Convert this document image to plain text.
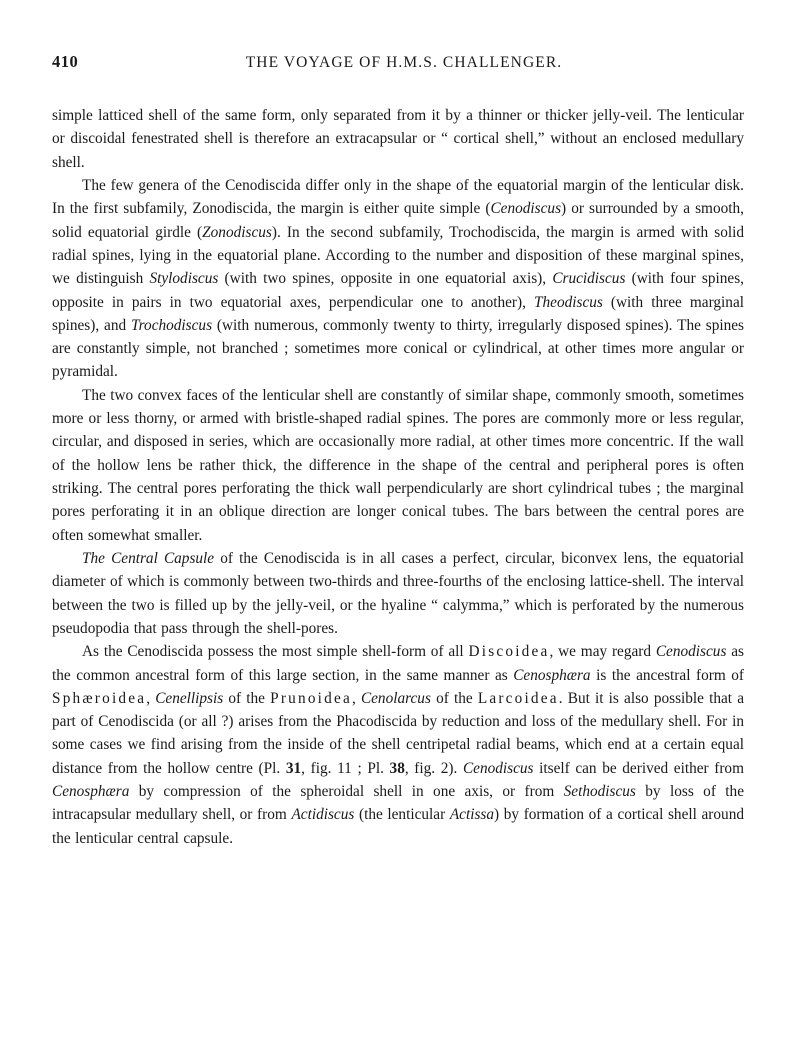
410	THE VOYAGE OF H.M.S. CHALLENGER.

simple latticed shell of the same form, only separated from it by a thinner or thicker jelly-veil. The lenticular or discoidal fenestrated shell is therefore an extracapsular or “ cortical shell,” without an enclosed medullary shell.

The few genera of the Cenodiscida differ only in the shape of the equatorial margin of the lenticular disk. In the first subfamily, Zonodiscida, the margin is either quite simple (Cenodiscus) or surrounded by a smooth, solid equatorial girdle (Zonodiscus). In the second subfamily, Trochodiscida, the margin is armed with solid radial spines, lying in the equatorial plane. According to the number and disposition of these marginal spines, we distinguish Stylodiscus (with two spines, opposite in one equatorial axis), Crucidiscus (with four spines, opposite in pairs in two equatorial axes, perpendicular one to another), Theodiscus (with three marginal spines), and Trochodiscus (with numerous, commonly twenty to thirty, irregularly disposed spines). The spines are constantly simple, not branched ; sometimes more conical or cylindrical, at other times more angular or pyramidal.

The two convex faces of the lenticular shell are constantly of similar shape, commonly smooth, sometimes more or less thorny, or armed with bristle-shaped radial spines. The pores are commonly more or less regular, circular, and disposed in series, which are occasionally more radial, at other times more concentric. If the wall of the hollow lens be rather thick, the difference in the shape of the central and peripheral pores is often striking. The central pores perforating the thick wall perpendicularly are short cylindrical tubes ; the marginal pores perforating it in an oblique direction are longer conical tubes. The bars between the central pores are often somewhat smaller.

The Central Capsule of the Cenodiscida is in all cases a perfect, circular, biconvex lens, the equatorial diameter of which is commonly between two-thirds and three-fourths of the enclosing lattice-shell. The interval between the two is filled up by the jelly-veil, or the hyaline “ calymma,” which is perforated by the numerous pseudopodia that pass through the shell-pores.

As the Cenodiscida possess the most simple shell-form of all Discoidea, we may regard Cenodiscus as the common ancestral form of this large section, in the same manner as Cenosphæra is the ancestral form of Sphæroidea, Cenellipsis of the Prunoidea, Cenolarcus of the Larcoidea. But it is also possible that a part of Cenodiscida (or all ?) arises from the Phacodiscida by reduction and loss of the medullary shell. For in some cases we find arising from the inside of the shell centripetal radial beams, which end at a certain equal distance from the hollow centre (Pl. 31, fig. 11 ; Pl. 38, fig. 2). Cenodiscus itself can be derived either from Cenosphæra by compression of the spheroidal shell in one axis, or from Sethodiscus by loss of the intracapsular medullary shell, or from Actidiscus (the lenticular Actissa) by formation of a cortical shell around the lenticular central capsule.
